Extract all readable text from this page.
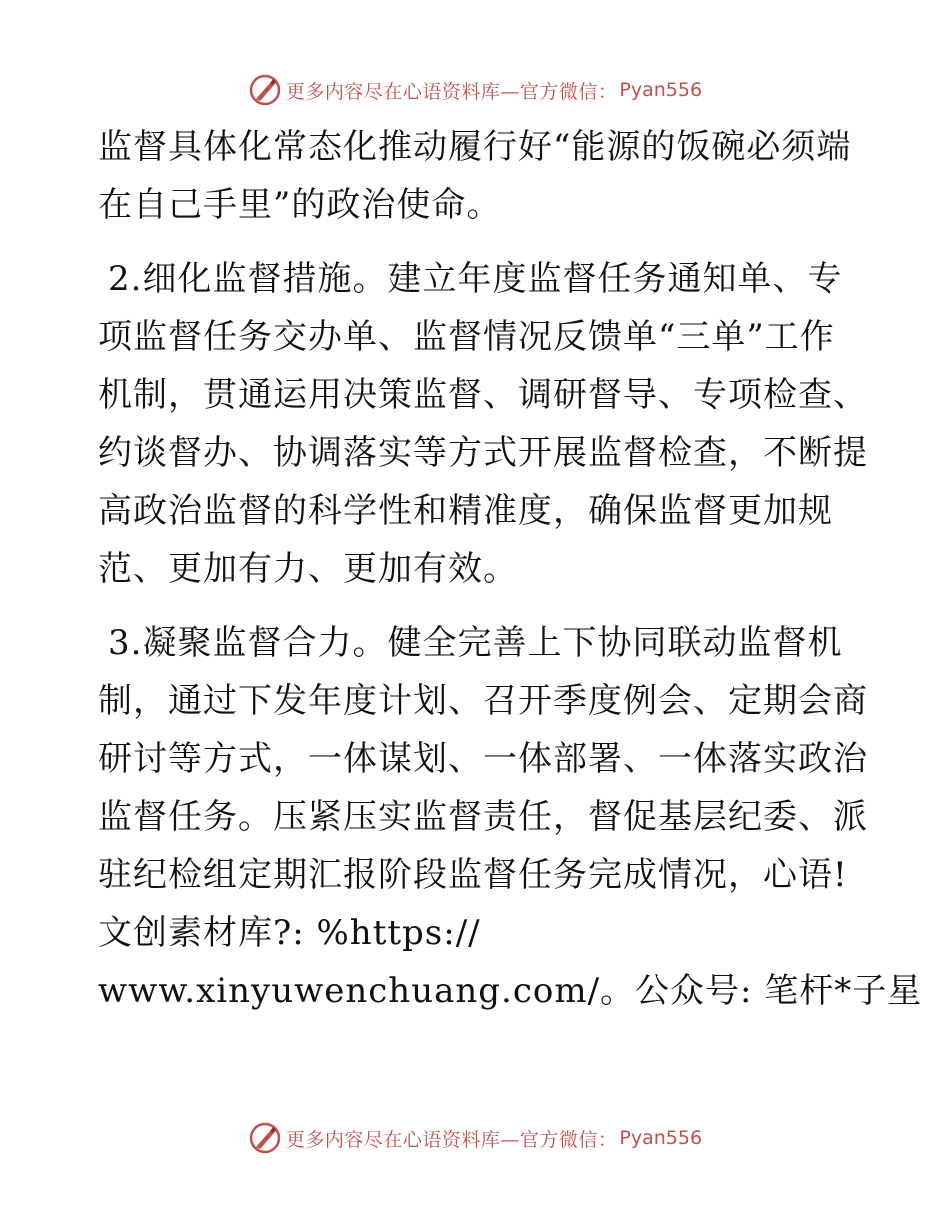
更多内容尽在心语资料库—官方微信： Pyan556
监督具体化常态化推动履行好“能源的饭碗必须端
在自己手里”的政治使命。
2.细化监督措施。建立年度监督任务通知单、专
项监督任务交办单、监督情况反馈单“三单”工作
机制，贯通运用决策监督、调研督导、专项检查、
约谈督办、协调落实等方式开展监督检查，不断提
高政治监督的科学性和精准度，确保监督更加规
范、更加有力、更加有效。
3.凝聚监督合力。健全完善上下协同联动监督机
制，通过下发年度计划、召开季度例会、定期会商
研讨等方式，一体谋划、一体部署、一体落实政治
监督任务。压紧压实监督责任，督促基层纪委、派
驻纪检组定期汇报阶段监督任务完成情况，心语!
文创素材库?: %https://
www.xinyuwenchuang.com/。公众号: 笔杆*子星
更多内容尽在心语资料库—官方微信： Pyan556
